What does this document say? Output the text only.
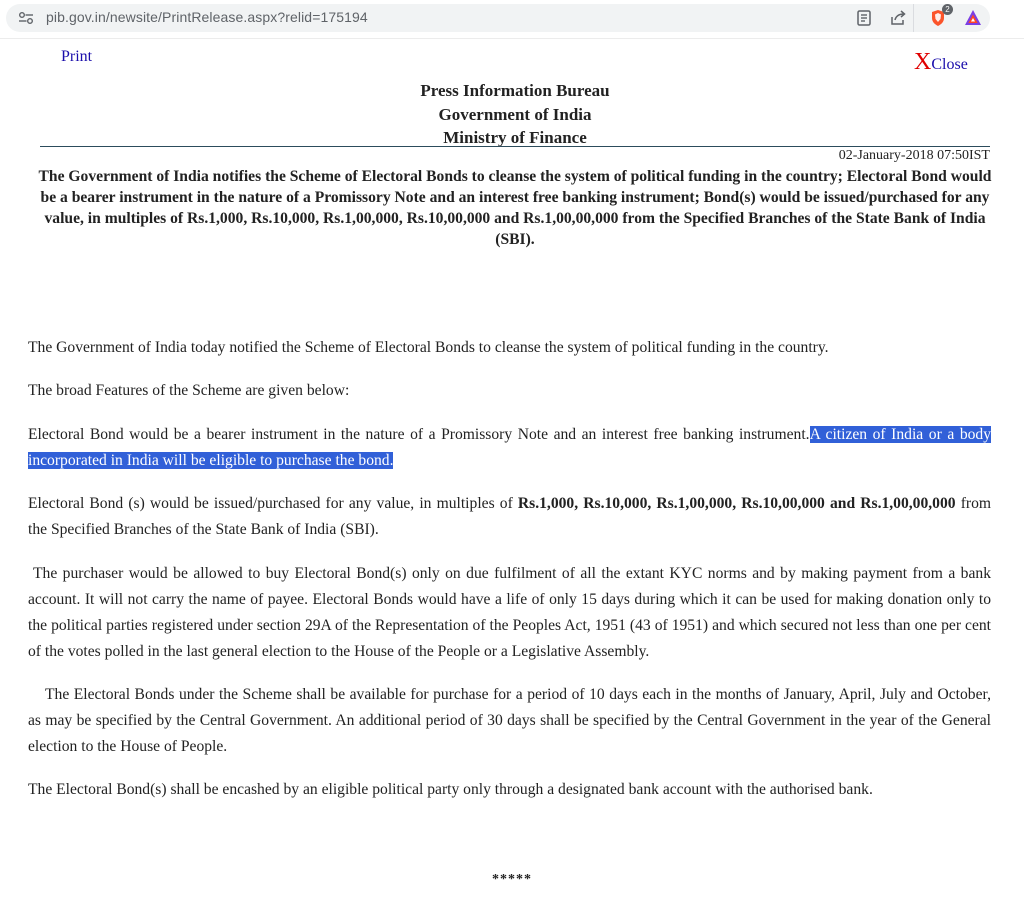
pib.gov.in/newsite/PrintRelease.aspx?relid=175194	2
Print	XClose
Press Information Bureau
Government of India
Ministry of Finance
02-January-2018 07:50IST
The Government of India notifies the Scheme of Electoral Bonds to cleanse the system of political funding in the country; Electoral Bond would be a bearer instrument in the nature of a Promissory Note and an interest free banking instrument; Bond(s) would be issued/purchased for any value, in multiples of Rs.1,000, Rs.10,000, Rs.1,00,000, Rs.10,00,000 and Rs.1,00,00,000 from the Specified Branches of the State Bank of India (SBI).
The Government of India today notified the Scheme of Electoral Bonds to cleanse the system of political funding in the country.
The broad Features of the Scheme are given below:
Electoral Bond would be a bearer instrument in the nature of a Promissory Note and an interest free banking instrument.A citizen of India or a body incorporated in India will be eligible to purchase the bond.
Electoral Bond (s) would be issued/purchased for any value, in multiples of Rs.1,000, Rs.10,000, Rs.1,00,000, Rs.10,00,000 and Rs.1,00,00,000 from the Specified Branches of the State Bank of India (SBI).
The purchaser would be allowed to buy Electoral Bond(s) only on due fulfilment of all the extant KYC norms and by making payment from a bank account. It will not carry the name of payee. Electoral Bonds would have a life of only 15 days during which it can be used for making donation only to the political parties registered under section 29A of the Representation of the Peoples Act, 1951 (43 of 1951) and which secured not less than one per cent of the votes polled in the last general election to the House of the People or a Legislative Assembly.
The Electoral Bonds under the Scheme shall be available for purchase for a period of 10 days each in the months of January, April, July and October, as may be specified by the Central Government. An additional period of 30 days shall be specified by the Central Government in the year of the General election to the House of People.
The Electoral Bond(s) shall be encashed by an eligible political party only through a designated bank account with the authorised bank.
*****
